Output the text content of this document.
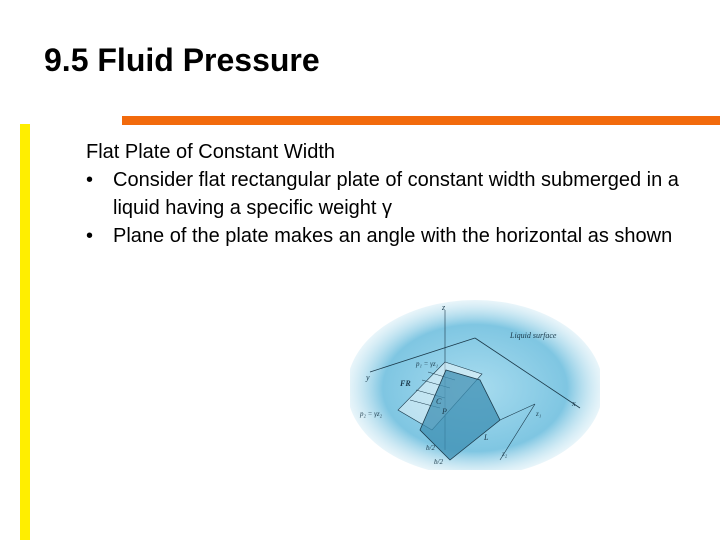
9.5 Fluid Pressure

Flat Plate of Constant Width

• Consider flat rectangular plate of constant width submerged in a liquid having a specific weight γ
• Plane of the plate makes an angle with the horizontal as shown
Liquid surface
p₁ = γz₁
p₂ = γz₂
FR
C
P
L
y
x
z
z₁
z₂
b/2
b/2
